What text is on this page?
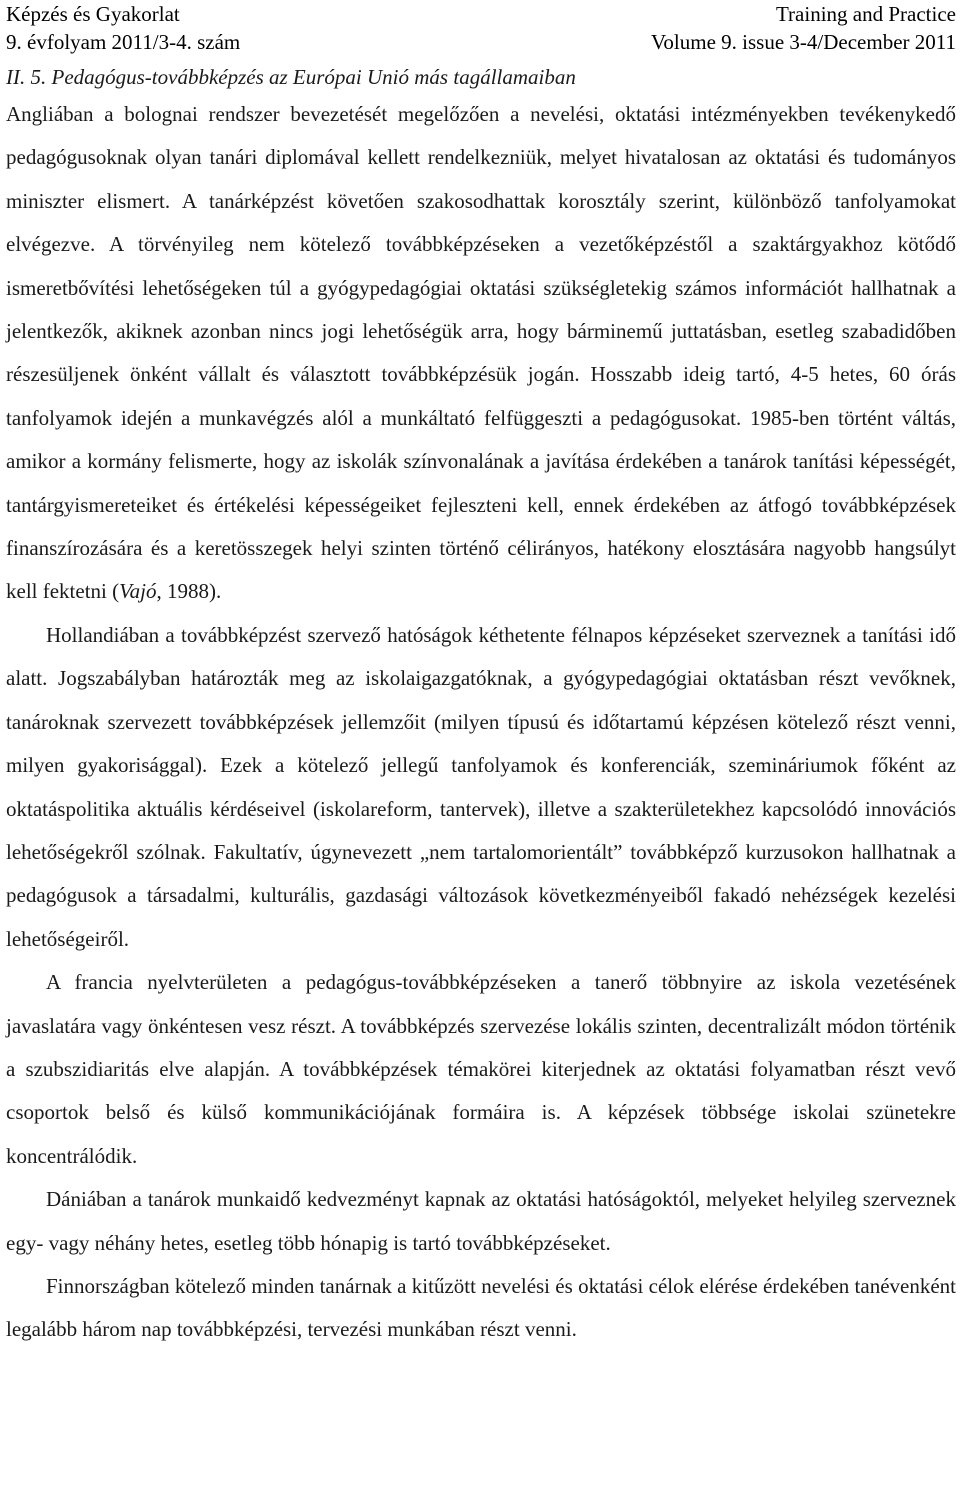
Képzés és Gyakorlat
9. évfolyam 2011/3-4. szám
Training and Practice
Volume 9. issue 3-4/December 2011
II. 5. Pedagógus-továbbképzés az Európai Unió más tagállamaiban

Angliában a bolognai rendszer bevezetését megelőzően a nevelési, oktatási intézményekben tevékenykedő pedagógusoknak olyan tanári diplomával kellett rendelkezniük, melyet hivatalosan az oktatási és tudományos miniszter elismert. A tanárképzést követően szakosodhattak korosztály szerint, különböző tanfolyamokat elvégezve. A törvényileg nem kötelező továbbképzéseken a vezetőképzéstől a szaktárgyakhoz kötődő ismeretbővítési lehetőségeken túl a gyógypedagógiai oktatási szükségletekig számos információt hallhatnak a jelentkezők, akiknek azonban nincs jogi lehetőségük arra, hogy bárminemű juttatásban, esetleg szabadidőben részesüljenek önként vállalt és választott továbbképzésük jogán. Hosszabb ideig tartó, 4-5 hetes, 60 órás tanfolyamok idején a munkavégzés alól a munkáltató felfüggeszti a pedagógusokat. 1985-ben történt váltás, amikor a kormány felismerte, hogy az iskolák színvonalának a javítása érdekében a tanárok tanítási képességét, tantárgyismereteiket és értékelési képességeiket fejleszteni kell, ennek érdekében az átfogó továbbképzések finanszírozására és a keretösszegek helyi szinten történő célirányos, hatékony elosztására nagyobb hangsúlyt kell fektetni (Vajó, 1988).

Hollandiában a továbbképzést szervező hatóságok kéthetente félnapos képzéseket szerveznek a tanítási idő alatt. Jogszabályban határozták meg az iskolaigazgatóknak, a gyógypedagógiai oktatásban részt vevőknek, tanároknak szervezett továbbképzések jellemzőit (milyen típusú és időtartamú képzésen kötelező részt venni, milyen gyakorisággal). Ezek a kötelező jellegű tanfolyamok és konferenciák, szemináriumok főként az oktatáspolitika aktuális kérdéseivel (iskolareform, tantervek), illetve a szakterületekhez kapcsolódó innovációs lehetőségekről szólnak. Fakultatív, úgynevezett „nem tartalomorientált” továbbképző kurzusokon hallhatnak a pedagógusok a társadalmi, kulturális, gazdasági változások következményeiből fakadó nehézségek kezelési lehetőségeiről.

A francia nyelvterületen a pedagógus-továbbképzéseken a tanerő többnyire az iskola vezetésének javaslatára vagy önkéntesen vesz részt. A továbbképzés szervezése lokális szinten, decentralizált módon történik a szubszidiaritás elve alapján. A továbbképzések témakörei kiterjednek az oktatási folyamatban részt vevő csoportok belső és külső kommunikációjának formáira is. A képzések többsége iskolai szünetekre koncentrálódik.

Dániában a tanárok munkaidő kedvezményt kapnak az oktatási hatóságoktól, melyeket helyileg szerveznek egy- vagy néhány hetes, esetleg több hónapig is tartó továbbképzéseket.

Finnországban kötelező minden tanárnak a kitűzött nevelési és oktatási célok elérése érdekében tanévenként legalább három nap továbbképzési, tervezési munkában részt venni.
